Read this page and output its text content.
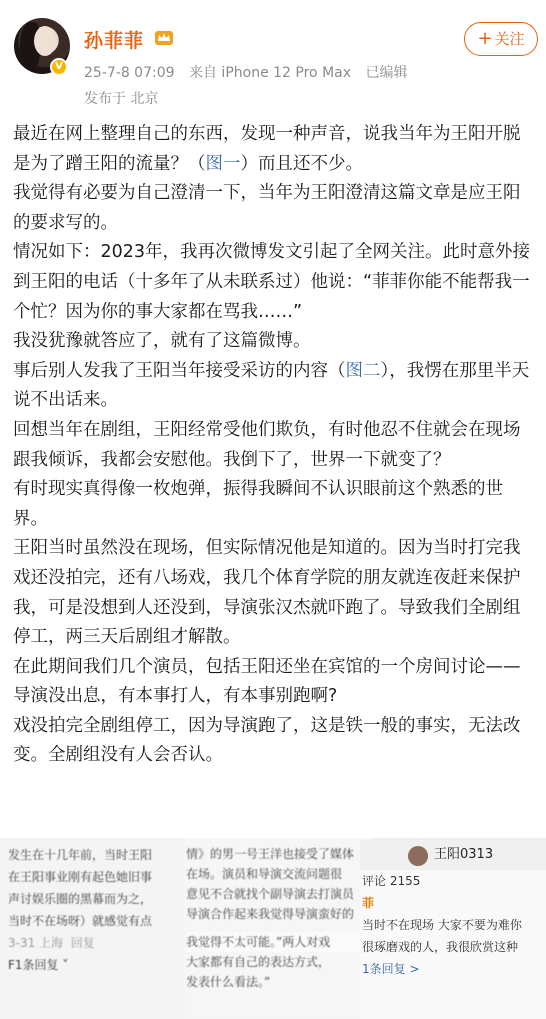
V
孙菲菲
25-7-8 07:09 来自 iPhone 12 Pro Max 已编辑
发布于 北京
+ 关注

最近在网上整理自己的东西，发现一种声音，说我当年为王阳开脱是为了蹭王阳的流量？（图一）而且还不少。

我觉得有必要为自己澄清一下，当年为王阳澄清这篇文章是应王阳的要求写的。

情况如下：2023年，我再次微博发文引起了全网关注。此时意外接到王阳的电话（十多年了从未联系过）他说：“菲菲你能不能帮我一个忙？因为你的事大家都在骂我……”

我没犹豫就答应了，就有了这篇微博。

事后别人发我了王阳当年接受采访的内容（图二），我愣在那里半天说不出话来。

回想当年在剧组，王阳经常受他们欺负，有时他忍不住就会在现场跟我倾诉，我都会安慰他。我倒下了，世界一下就变了？

有时现实真得像一枚炮弹，振得我瞬间不认识眼前这个熟悉的世界。

王阳当时虽然没在现场，但实际情况他是知道的。因为当时打完我戏还没拍完，还有八场戏，我几个体育学院的朋友就连夜赶来保护我，可是没想到人还没到，导演张汉杰就吓跑了。导致我们全剧组停工，两三天后剧组才解散。

在此期间我们几个演员，包括王阳还坐在宾馆的一个房间讨论——导演没出息，有本事打人，有本事别跑啊?

戏没拍完全剧组停工，因为导演跑了，这是铁一般的事实，无法改变。全剧组没有人会否认。

发生在十几年前，当时王阳
在王阳事业刚有起色她旧事
声讨娱乐圈的黑幕而为之，
当时不在场呀）就感觉有点
3-31 上海 回复
F1条回复 ˅
情》的男一号王洋也接受了媒体
在场。演员和导演交流问题很
意见不合就找个副导演去打演员
导演合作起来我觉得导演蛮好的
我觉得不太可能。”两人对戏
大家都有自己的表达方式，
发表什么看法。”
王阳0313
评论 2155
菲
当时不在现场 大家不要为难你
很琢磨戏的人，我很欣赏这种
1条回复 >
